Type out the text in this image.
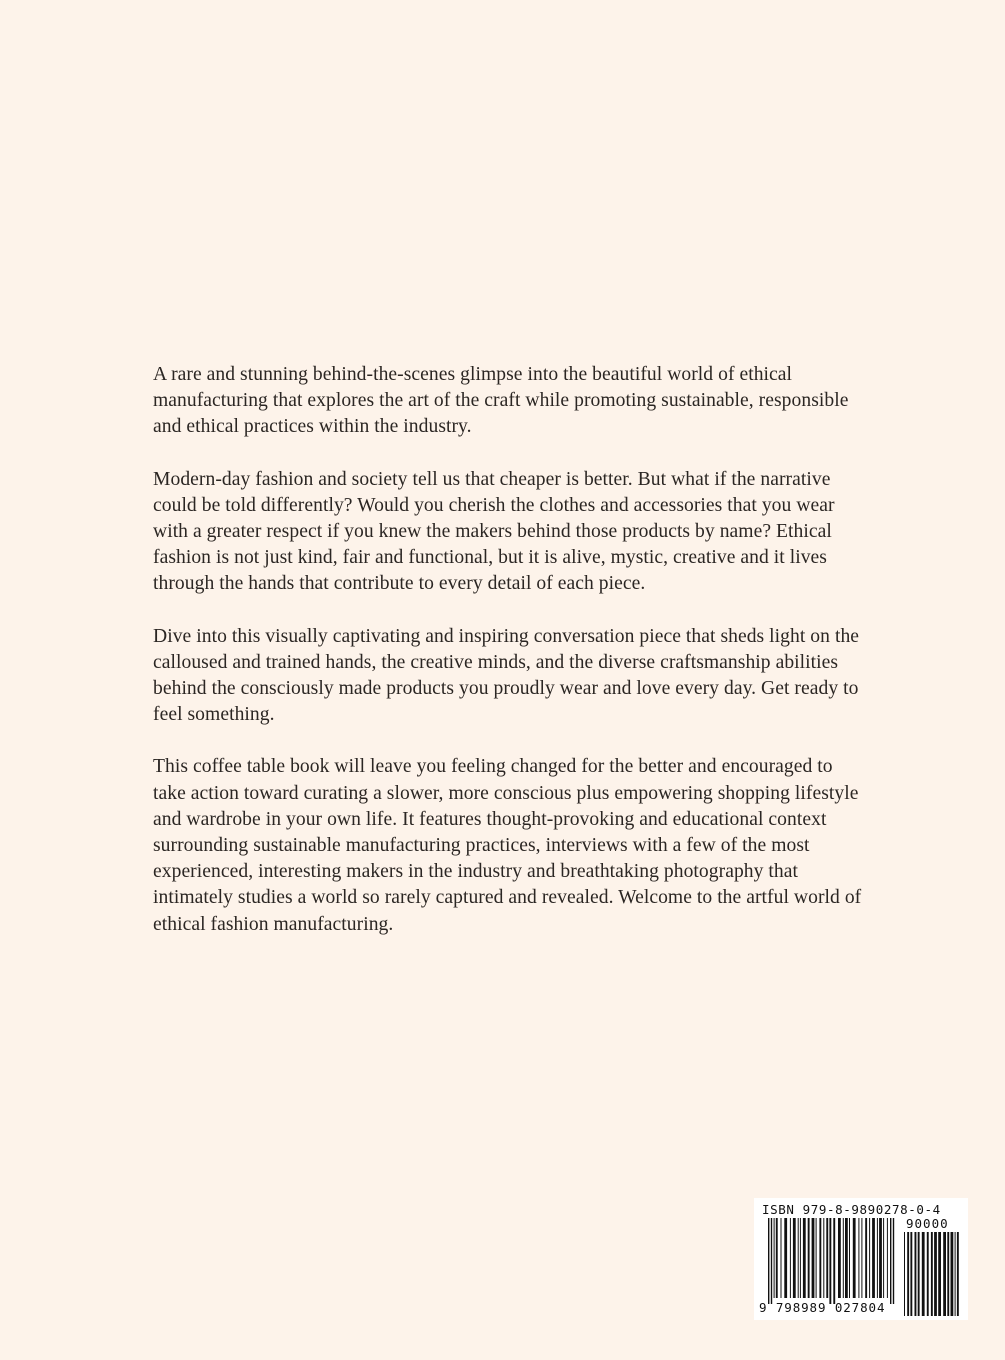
A rare and stunning behind-the-scenes glimpse into the beautiful world of ethical manufacturing that explores the art of the craft while promoting sustainable, responsible and ethical practices within the industry.

Modern-day fashion and society tell us that cheaper is better. But what if the narrative could be told differently? Would you cherish the clothes and accessories that you wear with a greater respect if you knew the makers behind those products by name? Ethical fashion is not just kind, fair and functional, but it is alive, mystic, creative and it lives through the hands that contribute to every detail of each piece.

Dive into this visually captivating and inspiring conversation piece that sheds light on the calloused and trained hands, the creative minds, and the diverse craftsmanship abilities behind the consciously made products you proudly wear and love every day. Get ready to feel something.

This coffee table book will leave you feeling changed for the better and encouraged to take action toward curating a slower, more conscious plus empowering shopping lifestyle and wardrobe in your own life. It features thought-provoking and educational context surrounding sustainable manufacturing practices, interviews with a few of the most experienced, interesting makers in the industry and breathtaking photography that intimately studies a world so rarely captured and revealed. Welcome to the artful world of ethical fashion manufacturing.

ISBN 979-8-9890278-0-4
90000
9 798989 027804
